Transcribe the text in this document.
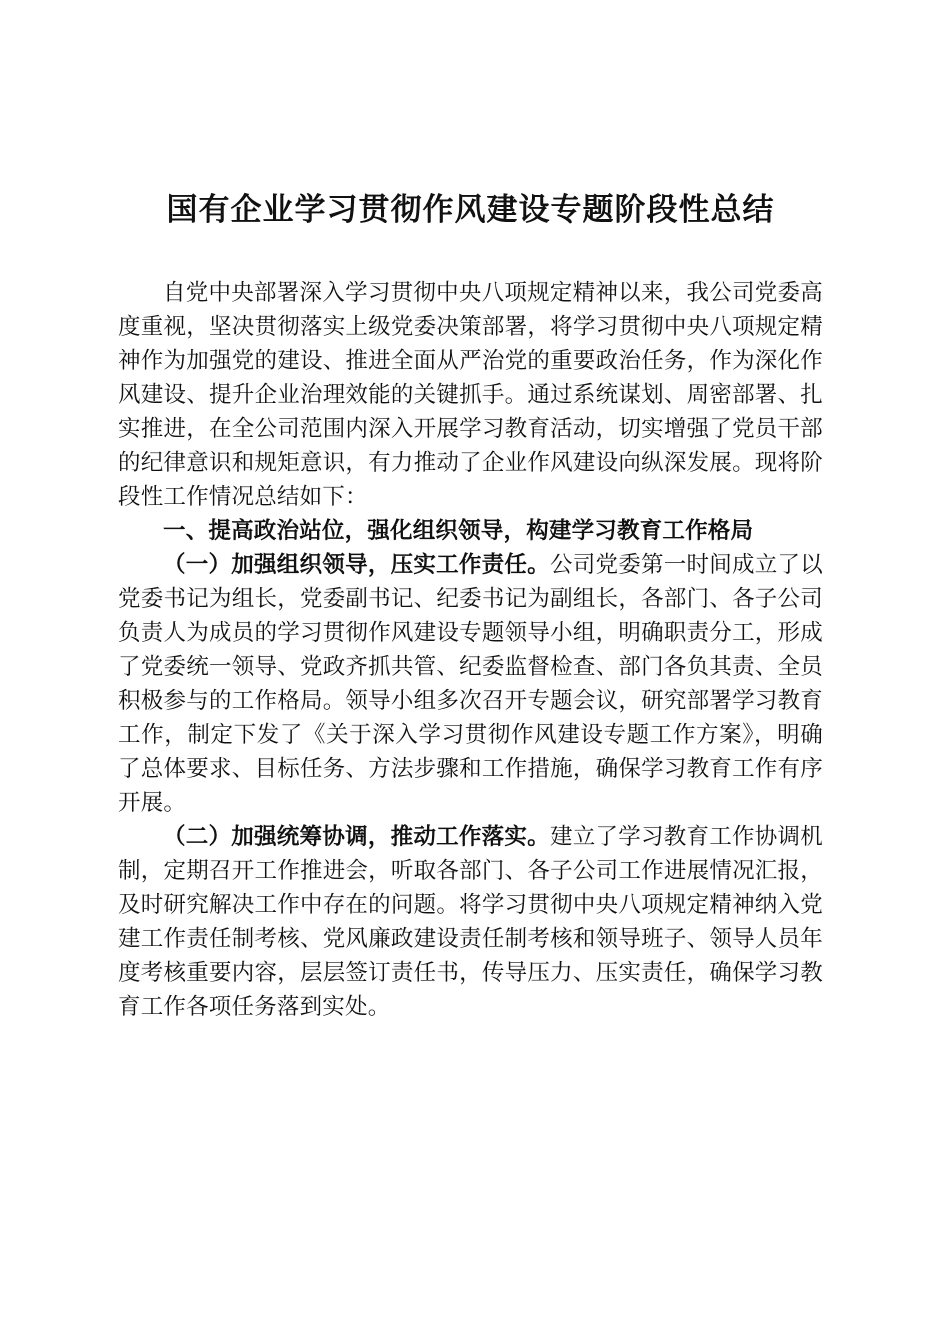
国有企业学习贯彻作风建设专题阶段性总结

自党中央部署深入学习贯彻中央八项规定精神以来，我公司党委高度重视，坚决贯彻落实上级党委决策部署，将学习贯彻中央八项规定精神作为加强党的建设、推进全面从严治党的重要政治任务，作为深化作风建设、提升企业治理效能的关键抓手。通过系统谋划、周密部署、扎实推进，在全公司范围内深入开展学习教育活动，切实增强了党员干部的纪律意识和规矩意识，有力推动了企业作风建设向纵深发展。现将阶段性工作情况总结如下：

一、提高政治站位，强化组织领导，构建学习教育工作格局

（一）加强组织领导，压实工作责任。公司党委第一时间成立了以党委书记为组长，党委副书记、纪委书记为副组长，各部门、各子公司负责人为成员的学习贯彻作风建设专题领导小组，明确职责分工，形成了党委统一领导、党政齐抓共管、纪委监督检查、部门各负其责、全员积极参与的工作格局。领导小组多次召开专题会议，研究部署学习教育工作，制定下发了《关于深入学习贯彻作风建设专题工作方案》，明确了总体要求、目标任务、方法步骤和工作措施，确保学习教育工作有序开展。

（二）加强统筹协调，推动工作落实。建立了学习教育工作协调机制，定期召开工作推进会，听取各部门、各子公司工作进展情况汇报，及时研究解决工作中存在的问题。将学习贯彻中央八项规定精神纳入党建工作责任制考核、党风廉政建设责任制考核和领导班子、领导人员年度考核重要内容，层层签订责任书，传导压力、压实责任，确保学习教育工作各项任务落到实处。
